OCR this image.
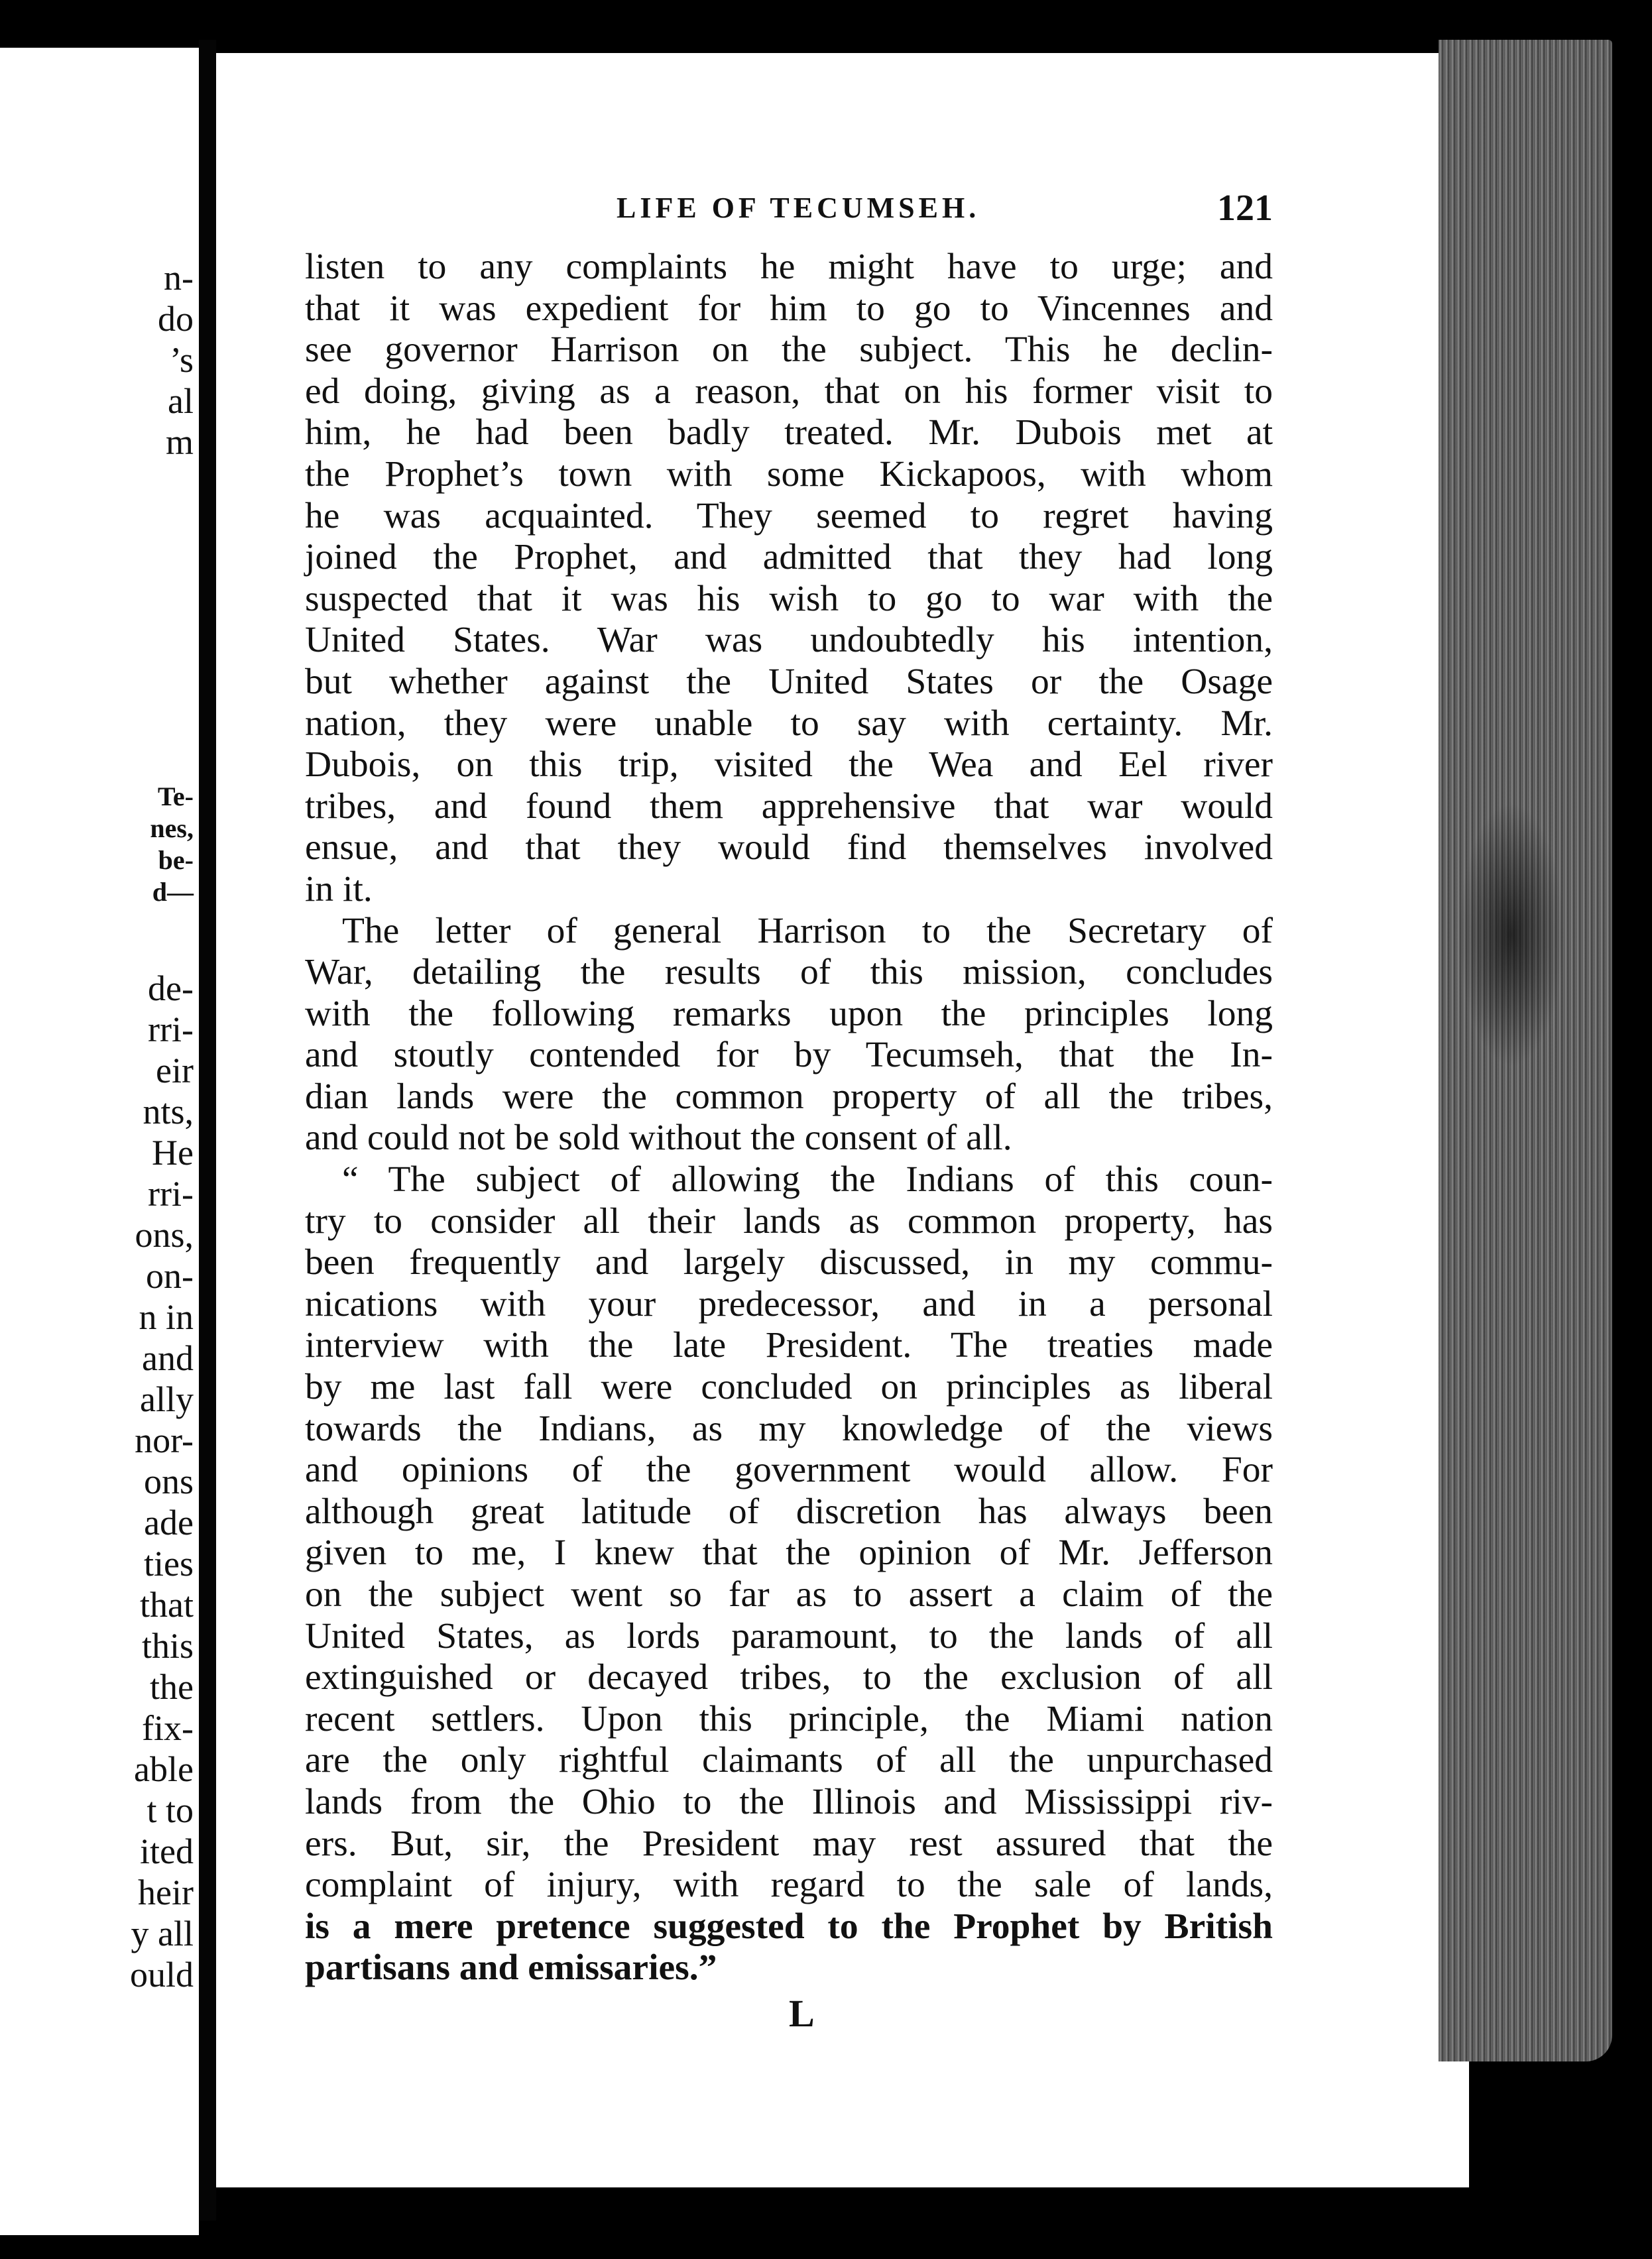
n-
do
’s
al
m
Te-
nes,
be-
d—
de-
rri-
eir
nts,
He
rri-
ons,
on-
n in
and
ally
nor-
ons
ade
ties
that
this
the
fix-
able
t to
ited
heir
y all
ould
LIFE OF TECUMSEH.	121
listen to any complaints he might have to urge; and
that it was expedient for him to go to Vincennes and
see governor Harrison on the subject. This he declin-
ed doing, giving as a reason, that on his former visit to
him, he had been badly treated. Mr. Dubois met at
the Prophet’s town with some Kickapoos, with whom
he was acquainted. They seemed to regret having
joined the Prophet, and admitted that they had long
suspected that it was his wish to go to war with the
United States. War was undoubtedly his intention,
but whether against the United States or the Osage
nation, they were unable to say with certainty. Mr.
Dubois, on this trip, visited the Wea and Eel river
tribes, and found them apprehensive that war would
ensue, and that they would find themselves involved
in it.
The letter of general Harrison to the Secretary of
War, detailing the results of this mission, concludes
with the following remarks upon the principles long
and stoutly contended for by Tecumseh, that the In-
dian lands were the common property of all the tribes,
and could not be sold without the consent of all.
“ The subject of allowing the Indians of this coun-
try to consider all their lands as common property, has
been frequently and largely discussed, in my commu-
nications with your predecessor, and in a personal
interview with the late President. The treaties made
by me last fall were concluded on principles as liberal
towards the Indians, as my knowledge of the views
and opinions of the government would allow. For
although great latitude of discretion has always been
given to me, I knew that the opinion of Mr. Jefferson
on the subject went so far as to assert a claim of the
United States, as lords paramount, to the lands of all
extinguished or decayed tribes, to the exclusion of all
recent settlers. Upon this principle, the Miami nation
are the only rightful claimants of all the unpurchased
lands from the Ohio to the Illinois and Mississippi riv-
ers. But, sir, the President may rest assured that the
complaint of injury, with regard to the sale of lands,
is a mere pretence suggested to the Prophet by British
partisans and emissaries.”
L
